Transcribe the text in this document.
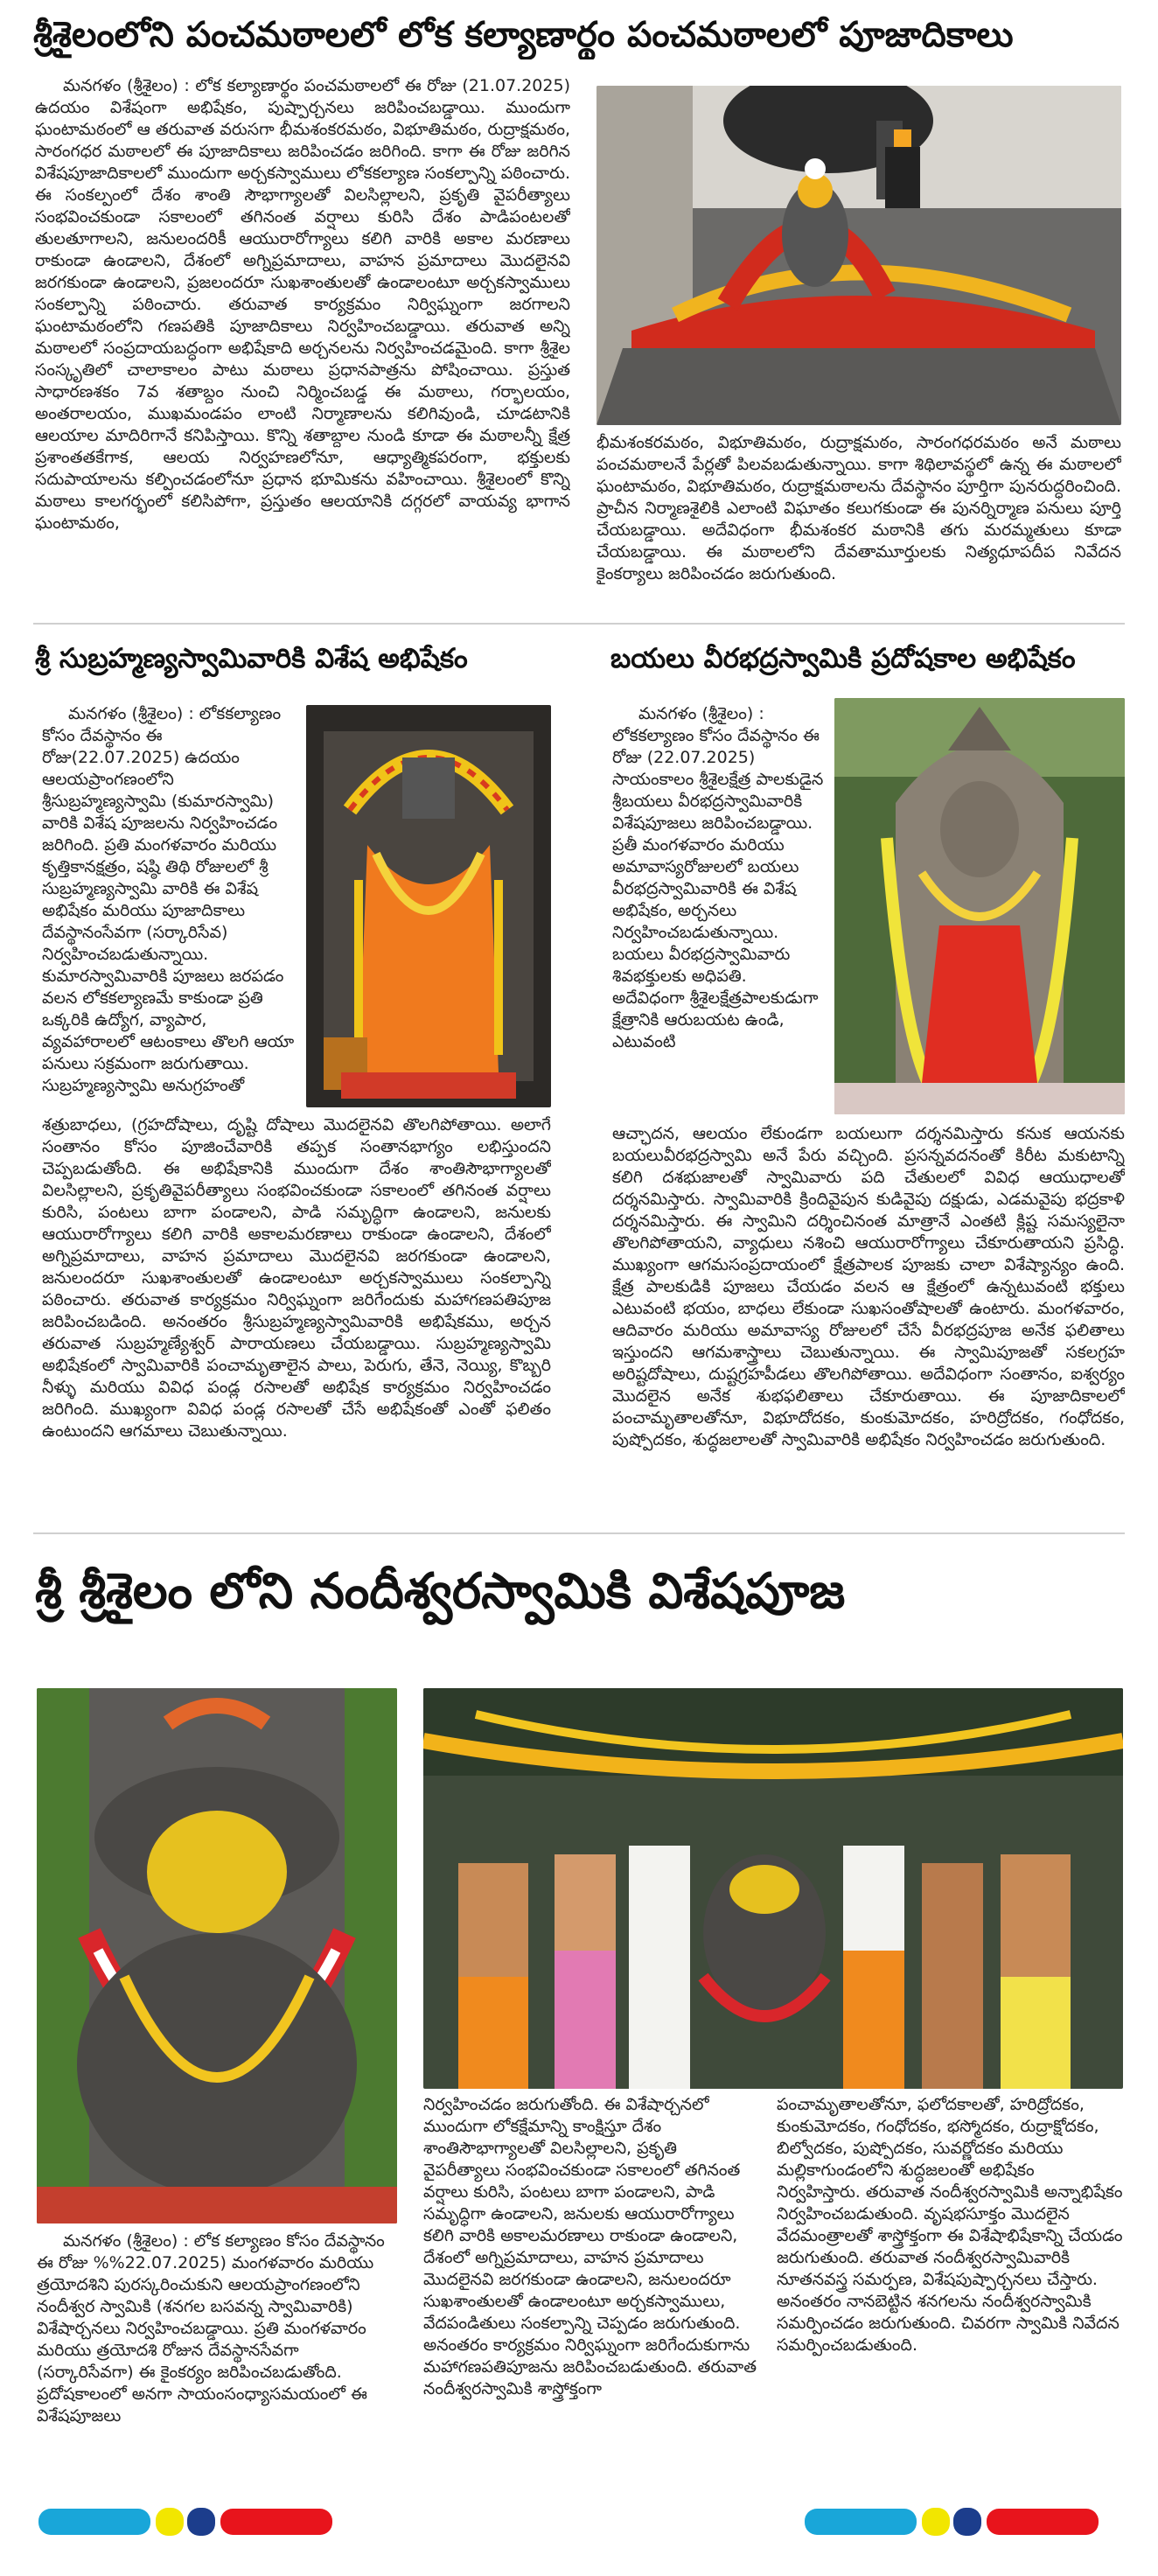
శ్రీశైలంలోని పంచమఠాలలో లోక కల్యాణార్థం పంచమఠాలలో పూజాదికాలు
మనగళం (శ్రీశైలం) : లోక కల్యాణార్థం పంచమఠాలలో ఈ రోజు (21.07.2025) ఉదయం విశేషంగా అభిషేకం, పుష్పార్చనలు జరిపించబడ్డాయి. ముందుగా ఘంటామఠంలో ఆ తరువాత వరుసగా భీమశంకరమఠం, విభూతిమఠం, రుద్రాక్షమఠం, సారంగధర మఠాలలో ఈ పూజాదికాలు జరిపించడం జరిగింది. కాగా ఈ రోజు జరిగిన విశేషపూజాదికాలలో ముందుగా అర్చకస్వాములు లోకకల్యాణ సంకల్పాన్ని పఠించారు. ఈ సంకల్పంలో దేశం శాంతి సౌభాగ్యాలతో విలసిల్లాలని, ప్రకృతి వైపరీత్యాలు సంభవించకుండా సకాలంలో తగినంత వర్షాలు కురిసి దేశం పాడిపంటలతో తులతూగాలని, జనులందరికీ ఆయురారోగ్యాలు కలిగి వారికి అకాల మరణాలు రాకుండా ఉండాలని, దేశంలో అగ్నిప్రమాదాలు, వాహన ప్రమాదాలు మొదలైనవి జరగకుండా ఉండాలని, ప్రజలందరూ సుఖశాంతులతో ఉండాలంటూ అర్చకస్వాములు సంకల్పాన్ని పఠించారు. తరువాత కార్యక్రమం నిర్విఘ్నంగా జరగాలని ఘంటామఠంలోని గణపతికి పూజాదికాలు నిర్వహించబడ్డాయి. తరువాత అన్ని మఠాలలో సంప్రదాయబద్ధంగా అభిషేకాది అర్చనలను నిర్వహించడమైంది. కాగా శ్రీశైల సంస్కృతిలో చాలాకాలం పాటు మఠాలు ప్రధానపాత్రను పోషించాయి. ప్రస్తుత సాధారణశకం 7వ శతాబ్దం నుంచి నిర్మించబడ్డ ఈ మఠాలు, గర్భాలయం, అంతరాలయం, ముఖమండపం లాంటి నిర్మాణాలను కలిగివుండి, చూడటానికి ఆలయాల మాదిరిగానే కనిపిస్తాయి. కొన్ని శతాబ్దాల నుండి కూడా ఈ మఠాలన్నీ క్షేత్ర ప్రశాంతతకేగాక, ఆలయ నిర్వహణలోనూ, ఆధ్యాత్మికపరంగా, భక్తులకు సదుపాయాలను కల్పించడంలోనూ ప్రధాన భూమికను వహించాయి. శ్రీశైలంలో కొన్ని మఠాలు కాలగర్భంలో కలిసిపోగా, ప్రస్తుతం ఆలయానికి దగ్గరలో వాయవ్య భాగాన ఘంటామఠం,
భీమశంకరమఠం, విభూతిమఠం, రుద్రాక్షమఠం, సారంగధరమఠం అనే మఠాలు పంచమఠాలనే పేర్లతో పిలవబడుతున్నాయి. కాగా శిథిలావస్థలో ఉన్న ఈ మఠాలలో ఘంటామఠం, విభూతిమఠం, రుద్రాక్షమఠాలను దేవస్థానం పూర్తిగా పునరుద్ధరించింది. ప్రాచీన నిర్మాణశైలికి ఎలాంటి విఘాతం కలుగకుండా ఈ పునర్నిర్మాణ పనులు పూర్తి చేయబడ్డాయి. అదేవిధంగా భీమశంకర మఠానికి తగు మరమ్మతులు కూడా చేయబడ్డాయి. ఈ మఠాలలోని దేవతామూర్తులకు నిత్యధూపదీప నివేదన కైంకర్యాలు జరిపించడం జరుగుతుంది.
శ్రీ సుబ్రహ్మణ్యస్వామివారికి విశేష అభిషేకం
మనగళం (శ్రీశైలం) : లోకకల్యాణం కోసం దేవస్థానం ఈ రోజు(22.07.2025) ఉదయం ఆలయప్రాంగణంలోని శ్రీసుబ్రహ్మణ్యస్వామి (కుమారస్వామి) వారికి విశేష పూజలను నిర్వహించడం జరిగింది. ప్రతి మంగళవారం మరియు కృత్తికానక్షత్రం, షష్ఠి తిథి రోజులలో శ్రీ సుబ్రహ్మణ్యస్వామి వారికి ఈ విశేష అభిషేకం మరియు పూజాదికాలు దేవస్థానంసేవగా (సర్కారిసేవ) నిర్వహించబడుతున్నాయి. కుమారస్వామివారికి పూజలు జరపడం వలన లోకకల్యాణమే కాకుండా ప్రతి ఒక్కరికి ఉద్యోగ, వ్యాపార, వ్యవహారాలలో ఆటంకాలు తొలగి ఆయా పనులు సక్రమంగా జరుగుతాయి. సుబ్రహ్మణ్యస్వామి అనుగ్రహంతో
శత్రుబాధలు, (గ్రహదోషాలు, దృష్టి దోషాలు మొదలైనవి తొలగిపోతాయి. అలాగే సంతానం కోసం పూజించేవారికి తప్పక సంతానభాగ్యం లభిస్తుందని చెప్పబడుతోంది. ఈ అభిషేకానికి ముందుగా దేశం శాంతిసౌభాగ్యాలతో విలసిల్లాలని, ప్రకృతివైపరీత్యాలు సంభవించకుండా సకాలంలో తగినంత వర్షాలు కురిసి, పంటలు బాగా పండాలని, పాడి సమృద్ధిగా ఉండాలని, జనులకు ఆయురారోగ్యాలు కలిగి వారికి అకాలమరణాలు రాకుండా ఉండాలని, దేశంలో అగ్నిప్రమాదాలు, వాహన ప్రమాదాలు మొదలైనవి జరగకుండా ఉండాలని, జనులందరూ సుఖశాంతులతో ఉండాలంటూ అర్చకస్వాములు సంకల్పాన్ని పఠించారు. తరువాత కార్యక్రమం నిర్విఘ్నంగా జరిగేందుకు మహాగణపతిపూజ జరిపించబడింది. అనంతరం శ్రీసుబ్రహ్మణ్యస్వామివారికి అభిషేకము, అర్చన తరువాత సుబ్రహ్మణ్యేశ్వర్ పారాయణలు చేయబడ్డాయి. సుబ్రహ్మణ్యస్వామి అభిషేకంలో స్వామివారికి పంచామృతాలైన పాలు, పెరుగు, తేనె, నెయ్యి, కొబ్బరి నీళ్ళు మరియు వివిధ పండ్ల రసాలతో అభిషేక కార్యక్రమం నిర్వహించడం జరిగింది. ముఖ్యంగా వివిధ పండ్ల రసాలతో చేసే అభిషేకంతో ఎంతో ఫలితం ఉంటుందని ఆగమాలు చెబుతున్నాయి.
బయలు వీరభద్రస్వామికి ప్రదోషకాల అభిషేకం
మనగళం (శ్రీశైలం) : లోకకల్యాణం కోసం దేవస్థానం ఈ రోజు (22.07.2025) సాయంకాలం శ్రీశైలక్షేత్ర పాలకుడైన శ్రీబయలు వీరభద్రస్వామివారికి విశేషపూజలు జరిపించబడ్డాయి. ప్రతీ మంగళవారం మరియు అమావాస్యరోజులలో బయలు వీరభద్రస్వామివారికి ఈ విశేష అభిషేకం, అర్చనలు నిర్వహించబడుతున్నాయి. బయలు వీరభద్రస్వామివారు శివభక్తులకు అధిపతి. అదేవిధంగా శ్రీశైలక్షేత్రపాలకుడుగా క్షేత్రానికి ఆరుబయట ఉండి, ఎటువంటి
ఆచ్ఛాదన, ఆలయం లేకుండగా బయలుగా దర్శనమిస్తారు కనుక ఆయనకు బయలువీరభద్రస్వామి అనే పేరు వచ్చింది. ప్రసన్నవదనంతో కిరీట మకుటాన్ని కలిగి దశభుజాలతో స్వామివారు పది చేతులలో వివిధ ఆయుధాలతో దర్శనమిస్తారు. స్వామివారికి క్రిందివైపున కుడివైపు దక్షుడు, ఎడమవైపు భద్రకాళి దర్శనమిస్తారు. ఈ స్వామిని దర్శించినంత మాత్రానే ఎంతటి క్లిష్ట సమస్యలైనా తొలగిపోతాయని, వ్యాధులు నశించి ఆయురారోగ్యాలు చేకూరుతాయని ప్రసిద్ధి. ముఖ్యంగా ఆగమసంప్రదాయంలో క్షేత్రపాలక పూజకు చాలా విశేష్యాన్యం ఉంది. క్షేత్ర పాలకుడికి పూజలు చేయడం వలన ఆ క్షేత్రంలో ఉన్నటువంటి భక్తులు ఎటువంటి భయం, బాధలు లేకుండా సుఖసంతోషాలతో ఉంటారు. మంగళవారం, ఆదివారం మరియు అమావాస్య రోజులలో చేసే వీరభద్రపూజ అనేక ఫలితాలు ఇస్తుందని ఆగమశాస్త్రాలు చెబుతున్నాయి. ఈ స్వామిపూజతో సకలగ్రహ అరిష్టదోషాలు, దుష్టగ్రహపీడలు తొలగిపోతాయి. అదేవిధంగా సంతానం, ఐశ్వర్యం మొదలైన అనేక శుభఫలితాలు చేకూరుతాయి. ఈ పూజాదికాలలో పంచామృతాలతోనూ, విభూదోదకం, కుంకుమోదకం, హరిద్రోదకం, గంధోదకం, పుష్పోదకం, శుద్ధజలాలతో స్వామివారికి అభిషేకం నిర్వహించడం జరుగుతుంది.
శ్రీ శ్రీశైలం లోని నందీశ్వరస్వామికి విశేషపూజ
మనగళం (శ్రీశైలం) : లోక కల్యాణం కోసం దేవస్థానం ఈ రోజు %%22.07.2025) మంగళవారం మరియు త్రయోదశిని పురస్కరించుకుని ఆలయప్రాంగణంలోని నందీశ్వర స్వామికి (శనగల బసవన్న స్వామివారికి) విశేషార్చనలు నిర్వహించబడ్డాయి. ప్రతి మంగళవారం మరియు త్రయోదశి రోజున దేవస్థానసేవగా (సర్కారిసేవగా) ఈ కైంకర్యం జరిపించబడుతోంది. ప్రదోషకాలంలో అనగా సాయంసంధ్యాసమయంలో ఈ విశేషపూజలు
నిర్వహించడం జరుగుతోంది. ఈ విశేషార్చనలో ముందుగా లోకక్షేమాన్ని కాంక్షిస్తూ దేశం శాంతిసౌభాగ్యాలతో విలసిల్లాలని, ప్రకృతి వైపరీత్యాలు సంభవించకుండా సకాలంలో తగినంత వర్షాలు కురిసి, పంటలు బాగా పండాలని, పాడి సమృద్ధిగా ఉండాలని, జనులకు ఆయురారోగ్యాలు కలిగి వారికి అకాలమరణాలు రాకుండా ఉండాలని, దేశంలో అగ్నిప్రమాదాలు, వాహన ప్రమాదాలు మొదలైనవి జరగకుండా ఉండాలని, జనులందరూ సుఖశాంతులతో ఉండాలంటూ అర్చకస్వాములు, వేదపండితులు సంకల్పాన్ని చెప్పడం జరుగుతుంది. అనంతరం కార్యక్రమం నిర్విఘ్నంగా జరిగేందుకుగాను మహాగణపతిపూజను జరిపించబడుతుంది. తరువాత నందీశ్వరస్వామికి శాస్త్రోక్తంగా
పంచామృతాలతోనూ, ఫలోదకాలతో, హరిద్రోదకం, కుంకుమోదకం, గంధోదకం, భస్మోదకం, రుద్రాక్షోదకం, బిల్వోదకం, పుష్పోదకం, సువర్ణోదకం మరియు మల్లికాగుండంలోని శుద్ధజలంతో అభిషేకం నిర్వహిస్తారు. తరువాత నందీశ్వరస్వామికి అన్నాభిషేకం నిర్వహించబడుతుంది. వృషభసూక్తం మొదలైన వేదమంత్రాలతో శాస్త్రోక్తంగా ఈ విశేషాభిషేకాన్ని చేయడం జరుగుతుంది. తరువాత నందీశ్వరస్వామివారికి నూతనవస్త్ర సమర్పణ, విశేషపుష్పార్చనలు చేస్తారు. అనంతరం నానబెట్టిన శనగలను నందీశ్వరస్వామికి సమర్పించడం జరుగుతుంది. చివరగా స్వామికి నివేదన సమర్పించబడుతుంది.
